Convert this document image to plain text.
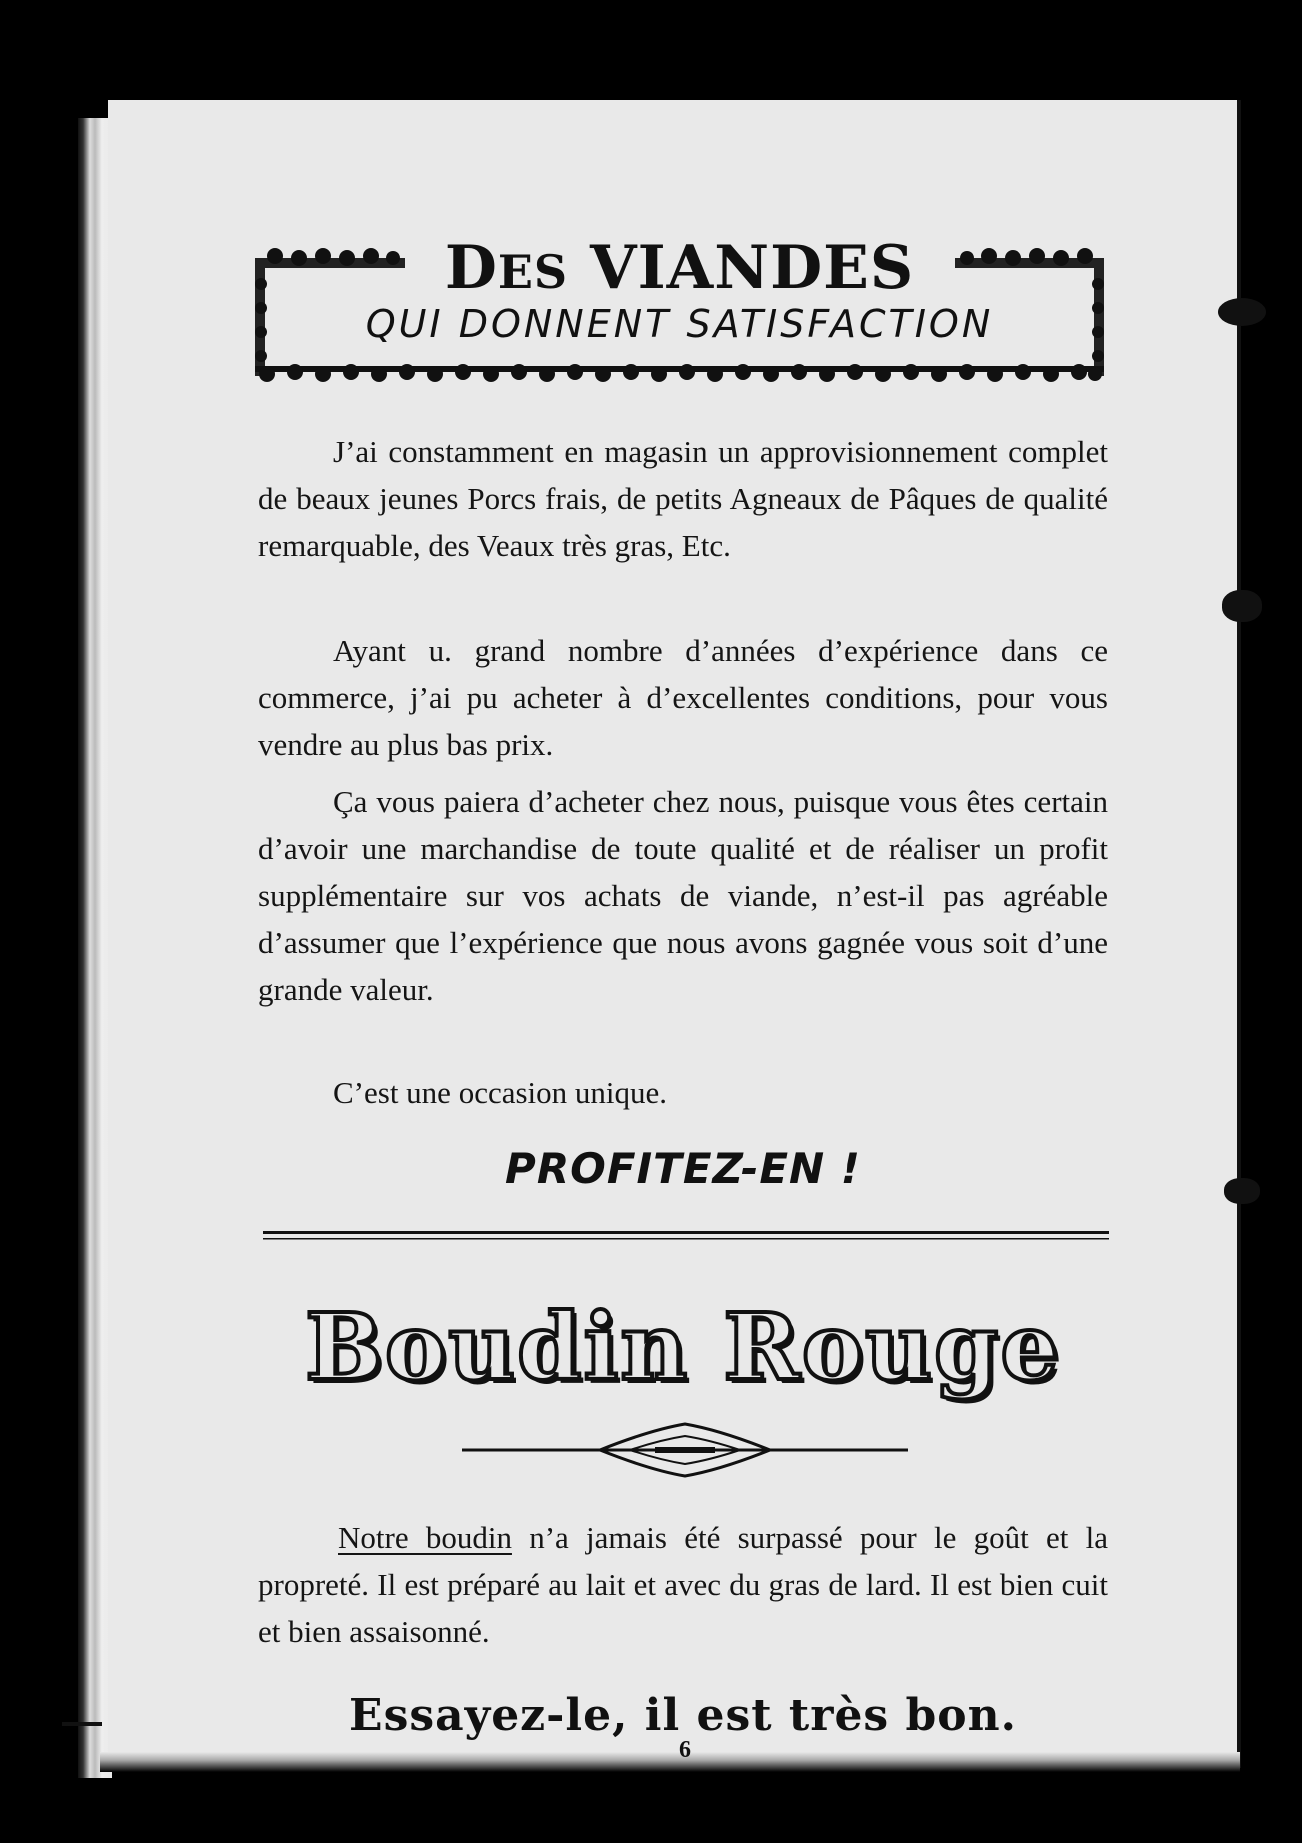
DES VIANDES
QUI DONNENT SATISFACTION

J’ai constamment en magasin un approvisionnement complet de beaux jeunes Porcs frais, de petits Agneaux de Pâques de qualité remarquable, des Veaux très gras, Etc.

Ayant u. grand nombre d’années d’expérience dans ce commerce, j’ai pu acheter à d’excellentes conditions, pour vous vendre au plus bas prix.

Ça vous paiera d’acheter chez nous, puisque vous êtes certain d’avoir une marchandise de toute qualité et de réaliser un profit supplémentaire sur vos achats de viande, n’est-il pas agréable d’assumer que l’expérience que nous avons gagnée vous soit d’une grande valeur.

C’est une occasion unique.

PROFITEZ-EN !
Boudin Rouge

Notre boudin n’a jamais été surpassé pour le goût et la propreté. Il est préparé au lait et avec du gras de lard. Il est bien cuit et bien assaisonné.

Essayez-le, il est très bon.
6
